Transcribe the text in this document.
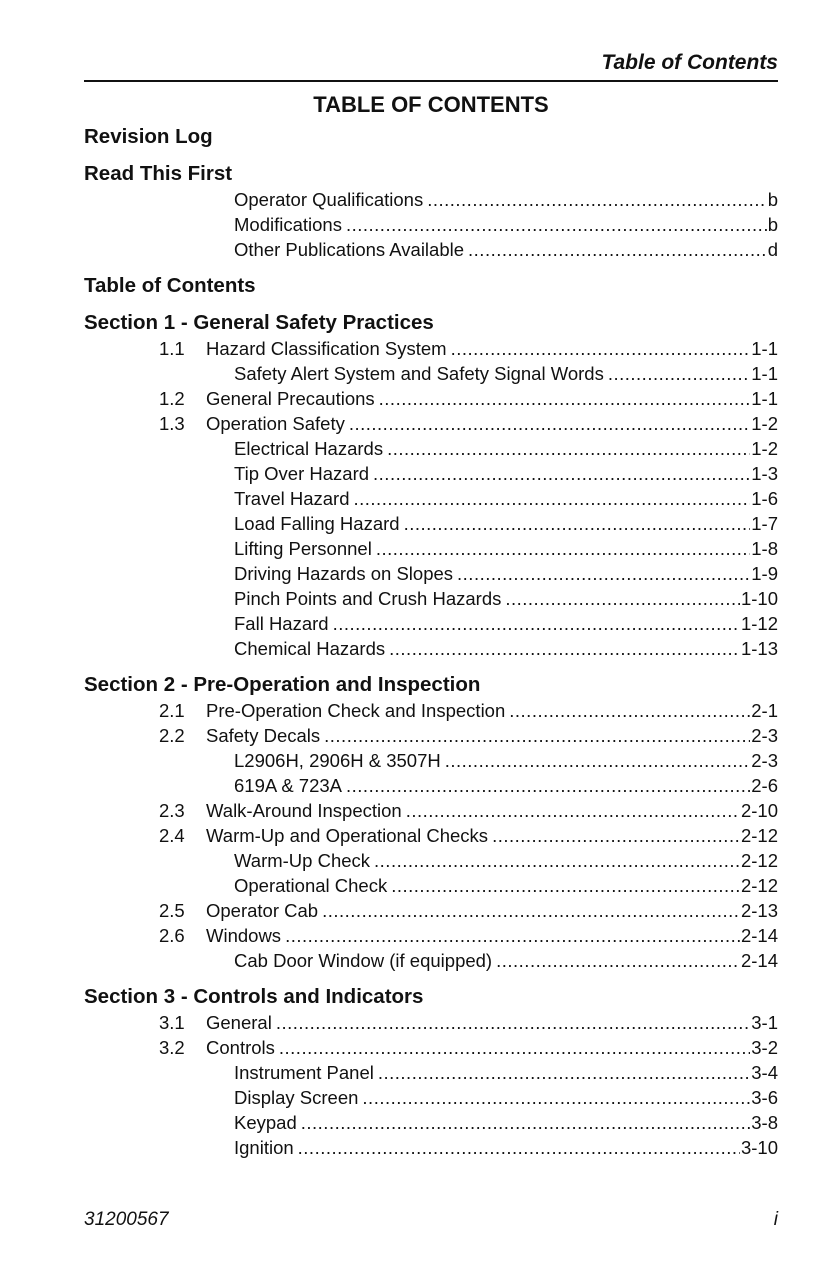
Table of Contents
TABLE OF CONTENTS
Revision Log
Read This First
Operator Qualifications .....	b
Modifications .....	b
Other Publications Available .....	d
Table of Contents
Section 1 - General Safety Practices
1.1 Hazard Classification System .....	1-1
Safety Alert System and Safety Signal Words .....	1-1
1.2 General Precautions .....	1-1
1.3 Operation Safety .....	1-2
Electrical Hazards .....	1-2
Tip Over Hazard .....	1-3
Travel Hazard .....	1-6
Load Falling Hazard .....	1-7
Lifting Personnel .....	1-8
Driving Hazards on Slopes .....	1-9
Pinch Points and Crush Hazards .....	1-10
Fall Hazard .....	1-12
Chemical Hazards .....	1-13
Section 2 - Pre-Operation and Inspection
2.1 Pre-Operation Check and Inspection .....	2-1
2.2 Safety Decals .....	2-3
L2906H, 2906H & 3507H .....	2-3
619A & 723A .....	2-6
2.3 Walk-Around Inspection .....	2-10
2.4 Warm-Up and Operational Checks .....	2-12
Warm-Up Check .....	2-12
Operational Check .....	2-12
2.5 Operator Cab .....	2-13
2.6 Windows .....	2-14
Cab Door Window (if equipped) .....	2-14
Section 3 - Controls and Indicators
3.1 General .....	3-1
3.2 Controls .....	3-2
Instrument Panel .....	3-4
Display Screen .....	3-6
Keypad .....	3-8
Ignition .....	3-10
31200567	i
